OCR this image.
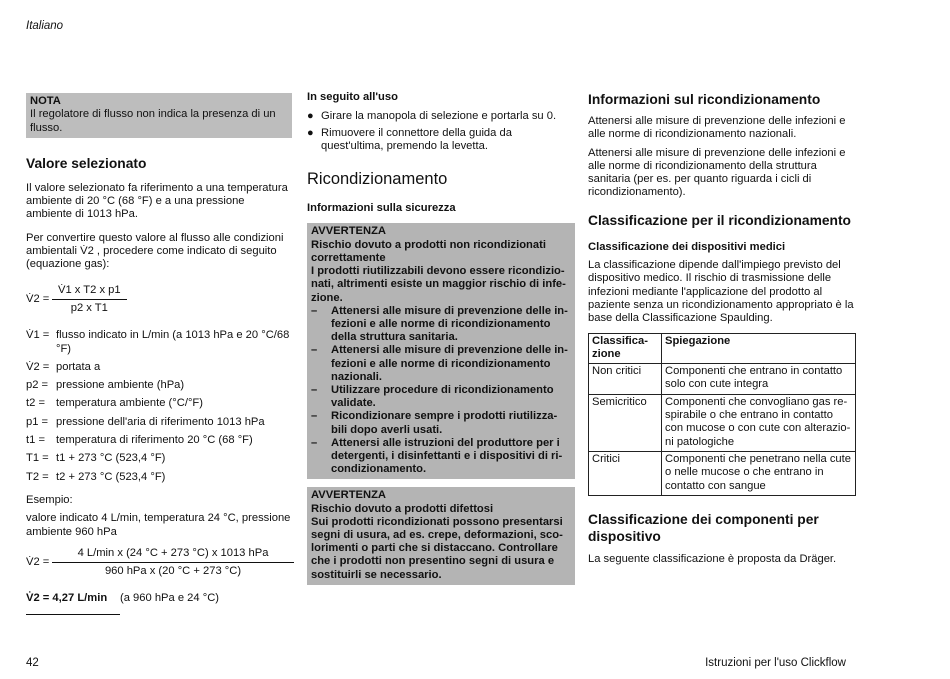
Italiano
NOTA
Il regolatore di flusso non indica la presenza di un flusso.
Valore selezionato

Il valore selezionato fa riferimento a una temperatura ambiente di 20 °C (68 °F) e a una pressione ambiente di 1013 hPa.

Per convertire questo valore al flusso alle condizioni ambientali V̇2 , procedere come indicato di seguito (equazione gas):

V̇2 = $\frac{\text{V̇1 x T2 x p1}}{\text{p2 x T1}}$
V̇1 = flusso indicato in L/min (a 1013 hPa e 20 °C/68 °F)
V̇2 = portata a
p2 = pressione ambiente (hPa)
t2 = temperatura ambiente (°C/°F)
p1 = pressione dell'aria di riferimento 1013 hPa
t1 = temperatura di riferimento 20 °C (68 °F)
T1 = t1 + 273 °C (523,4 °F)
T2 = t2 + 273 °C (523,4 °F)

Esempio:

valore indicato 4 L/min, temperatura 24 °C, pressione ambiente 960 hPa

V̇2 = $\frac{\text{4 L/min x (24 °C + 273 °C) x 1013 hPa}}{\text{960 hPa x (20 °C + 273 °C)}}$
V̇2 = 4,27 L/min	(a 960 hPa e 24 °C)
In seguito all'uso
● Girare la manopola di selezione e portarla su 0.
● Rimuovere il connettore della guida da quest'ultima, premendo la levetta.
Ricondizionamento
Informazioni sulla sicurezza
AVVERTENZA
Rischio dovuto a prodotti non ricondizionati correttamente
I prodotti riutilizzabili devono essere ricondizio-nati, altrimenti esiste un maggior rischio di infe-zione.
–	Attenersi alle misure di prevenzione delle in-fezioni e alle norme di ricondizionamento della struttura sanitaria.
–	Attenersi alle misure di prevenzione delle in-fezioni e alle norme di ricondizionamento nazionali.
–	Utilizzare procedure di ricondizionamento validate.
–	Ricondizionare sempre i prodotti riutilizza-bili dopo averli usati.
–	Attenersi alle istruzioni del produttore per i detergenti, i disinfettanti e i dispositivi di ri-condizionamento.
AVVERTENZA
Rischio dovuto a prodotti difettosi
Sui prodotti ricondizionati possono presentarsi segni di usura, ad es. crepe, deformazioni, sco-lorimenti o parti che si distaccano. Controllare che i prodotti non presentino segni di usura e sostituirli se necessario.
Informazioni sul ricondizionamento

Attenersi alle misure di prevenzione delle infezioni e alle norme di ricondizionamento nazionali.

Attenersi alle misure di prevenzione delle infezioni e alle norme di ricondizionamento della struttura sanitaria (per es. per quanto riguarda i cicli di ricondizionamento).

Classificazione per il ricondizionamento
Classificazione dei dispositivi medici

La classificazione dipende dall'impiego previsto del dispositivo medico. Il rischio di trasmissione delle infezioni mediante l'applicazione del prodotto al paziente senza un ricondizionamento appropriato è la base della Classificazione Spaulding.

Classifica-zione	Spiegazione
Non critici	Componenti che entrano in contatto solo con cute integra
Semicritico	Componenti che convogliano gas re-spirabile o che entrano in contatto con mucose o con cute con alterazio-ni patologiche
Critici	Componenti che penetrano nella cute o nelle mucose o che entrano in contatto con sangue
Classificazione dei componenti per dispositivo

La seguente classificazione è proposta da Dräger.

42	Istruzioni per l'uso Clickflow
